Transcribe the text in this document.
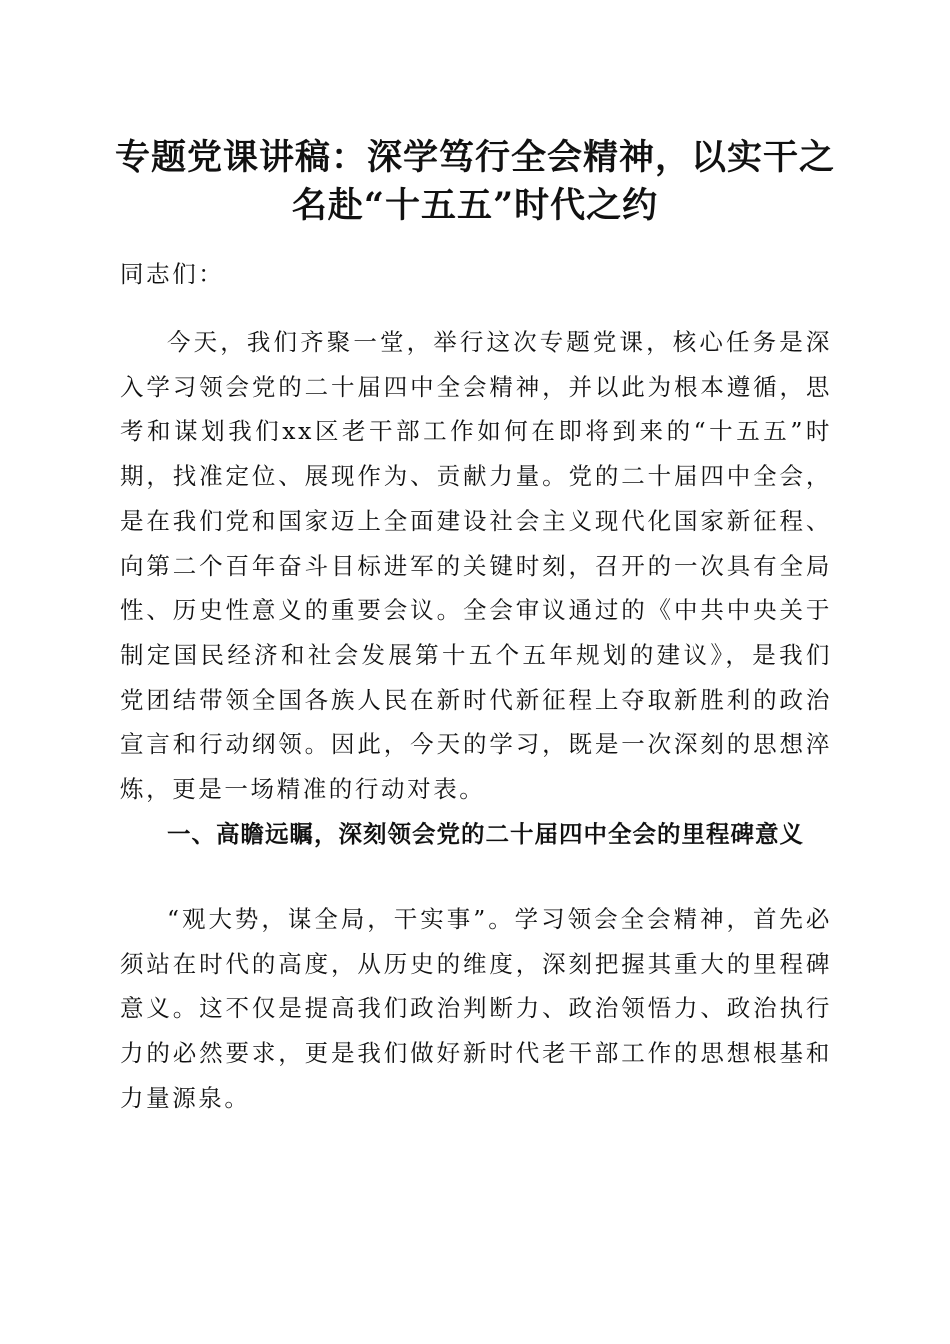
专题党课讲稿：深学笃行全会精神，以实干之
名赴“十五五”时代之约

同志们：

今天，我们齐聚一堂，举行这次专题党课，核心任务是深入学习领会党的二十届四中全会精神，并以此为根本遵循，思考和谋划我们xx区老干部工作如何在即将到来的“十五五”时期，找准定位、展现作为、贡献力量。党的二十届四中全会，是在我们党和国家迈上全面建设社会主义现代化国家新征程、向第二个百年奋斗目标进军的关键时刻，召开的一次具有全局性、历史性意义的重要会议。全会审议通过的《中共中央关于制定国民经济和社会发展第十五个五年规划的建议》，是我们党团结带领全国各族人民在新时代新征程上夺取新胜利的政治宣言和行动纲领。因此，今天的学习，既是一次深刻的思想淬炼，更是一场精准的行动对表。

一、高瞻远瞩，深刻领会党的二十届四中全会的里程碑意义

“观大势，谋全局，干实事”。学习领会全会精神，首先必须站在时代的高度，从历史的维度，深刻把握其重大的里程碑意义。这不仅是提高我们政治判断力、政治领悟力、政治执行力的必然要求，更是我们做好新时代老干部工作的思想根基和力量源泉。
